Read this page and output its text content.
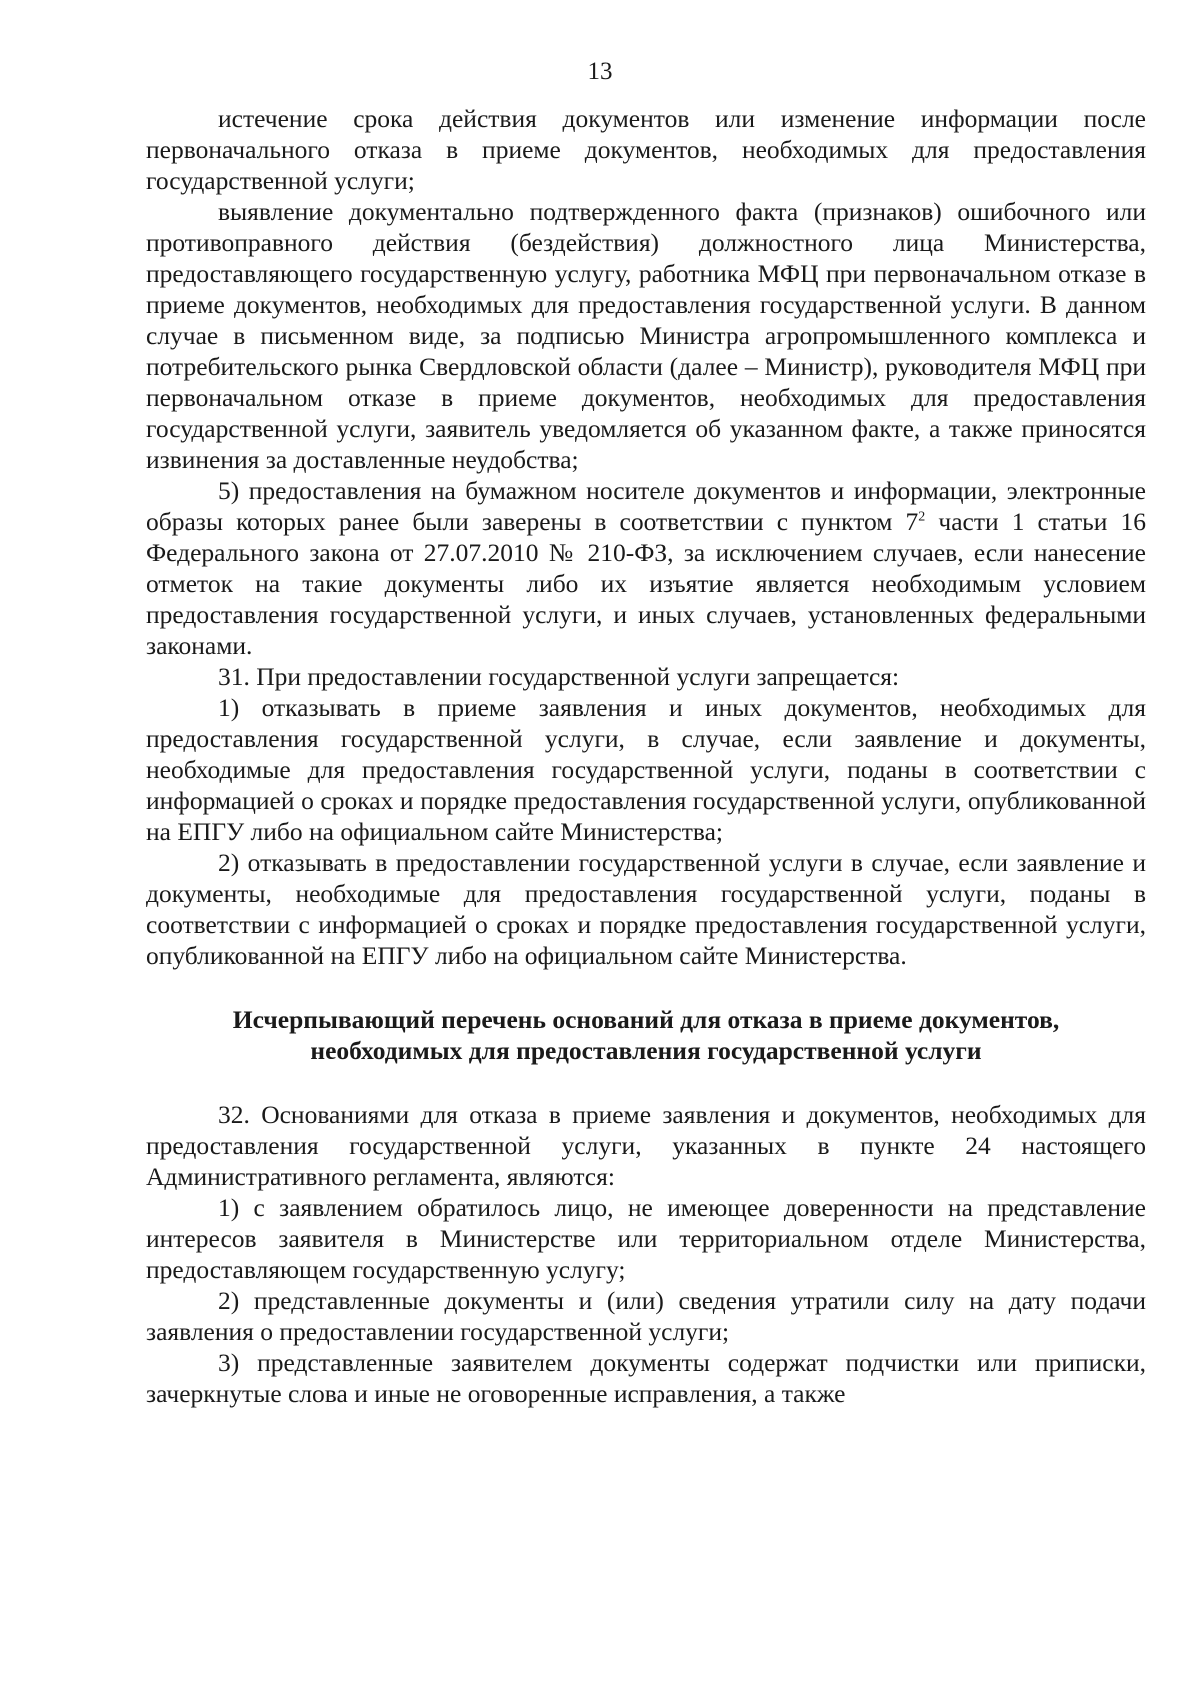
13

истечение срока действия документов или изменение информации после первоначального отказа в приеме документов, необходимых для предоставления государственной услуги;

выявление документально подтвержденного факта (признаков) ошибочного или противоправного действия (бездействия) должностного лица Министерства, предоставляющего государственную услугу, работника МФЦ при первоначальном отказе в приеме документов, необходимых для предоставления государственной услуги. В данном случае в письменном виде, за подписью Министра агропромышленного комплекса и потребительского рынка Свердловской области (далее – Министр), руководителя МФЦ при первоначальном отказе в приеме документов, необходимых для предоставления государственной услуги, заявитель уведомляется об указанном факте, а также приносятся извинения за доставленные неудобства;

5) предоставления на бумажном носителе документов и информации, электронные образы которых ранее были заверены в соответствии с пунктом $7^2$ части 1 статьи 16 Федерального закона от 27.07.2010 № 210-ФЗ, за исключением случаев, если нанесение отметок на такие документы либо их изъятие является необходимым условием предоставления государственной услуги, и иных случаев, установленных федеральными законами.

31. При предоставлении государственной услуги запрещается:

1) отказывать в приеме заявления и иных документов, необходимых для предоставления государственной услуги, в случае, если заявление и документы, необходимые для предоставления государственной услуги, поданы в соответствии с информацией о сроках и порядке предоставления государственной услуги, опубликованной на ЕПГУ либо на официальном сайте Министерства;

2) отказывать в предоставлении государственной услуги в случае, если заявление и документы, необходимые для предоставления государственной услуги, поданы в соответствии с информацией о сроках и порядке предоставления государственной услуги, опубликованной на ЕПГУ либо на официальном сайте Министерства.

Исчерпывающий перечень оснований для отказа в приеме документов,
необходимых для предоставления государственной услуги

32. Основаниями для отказа в приеме заявления и документов, необходимых для предоставления государственной услуги, указанных в пункте 24 настоящего Административного регламента, являются:

1) с заявлением обратилось лицо, не имеющее доверенности на представление интересов заявителя в Министерстве или территориальном отделе Министерства, предоставляющем государственную услугу;

2) представленные документы и (или) сведения утратили силу на дату подачи заявления о предоставлении государственной услуги;

3) представленные заявителем документы содержат подчистки или приписки, зачеркнутые слова и иные не оговоренные исправления, а также
